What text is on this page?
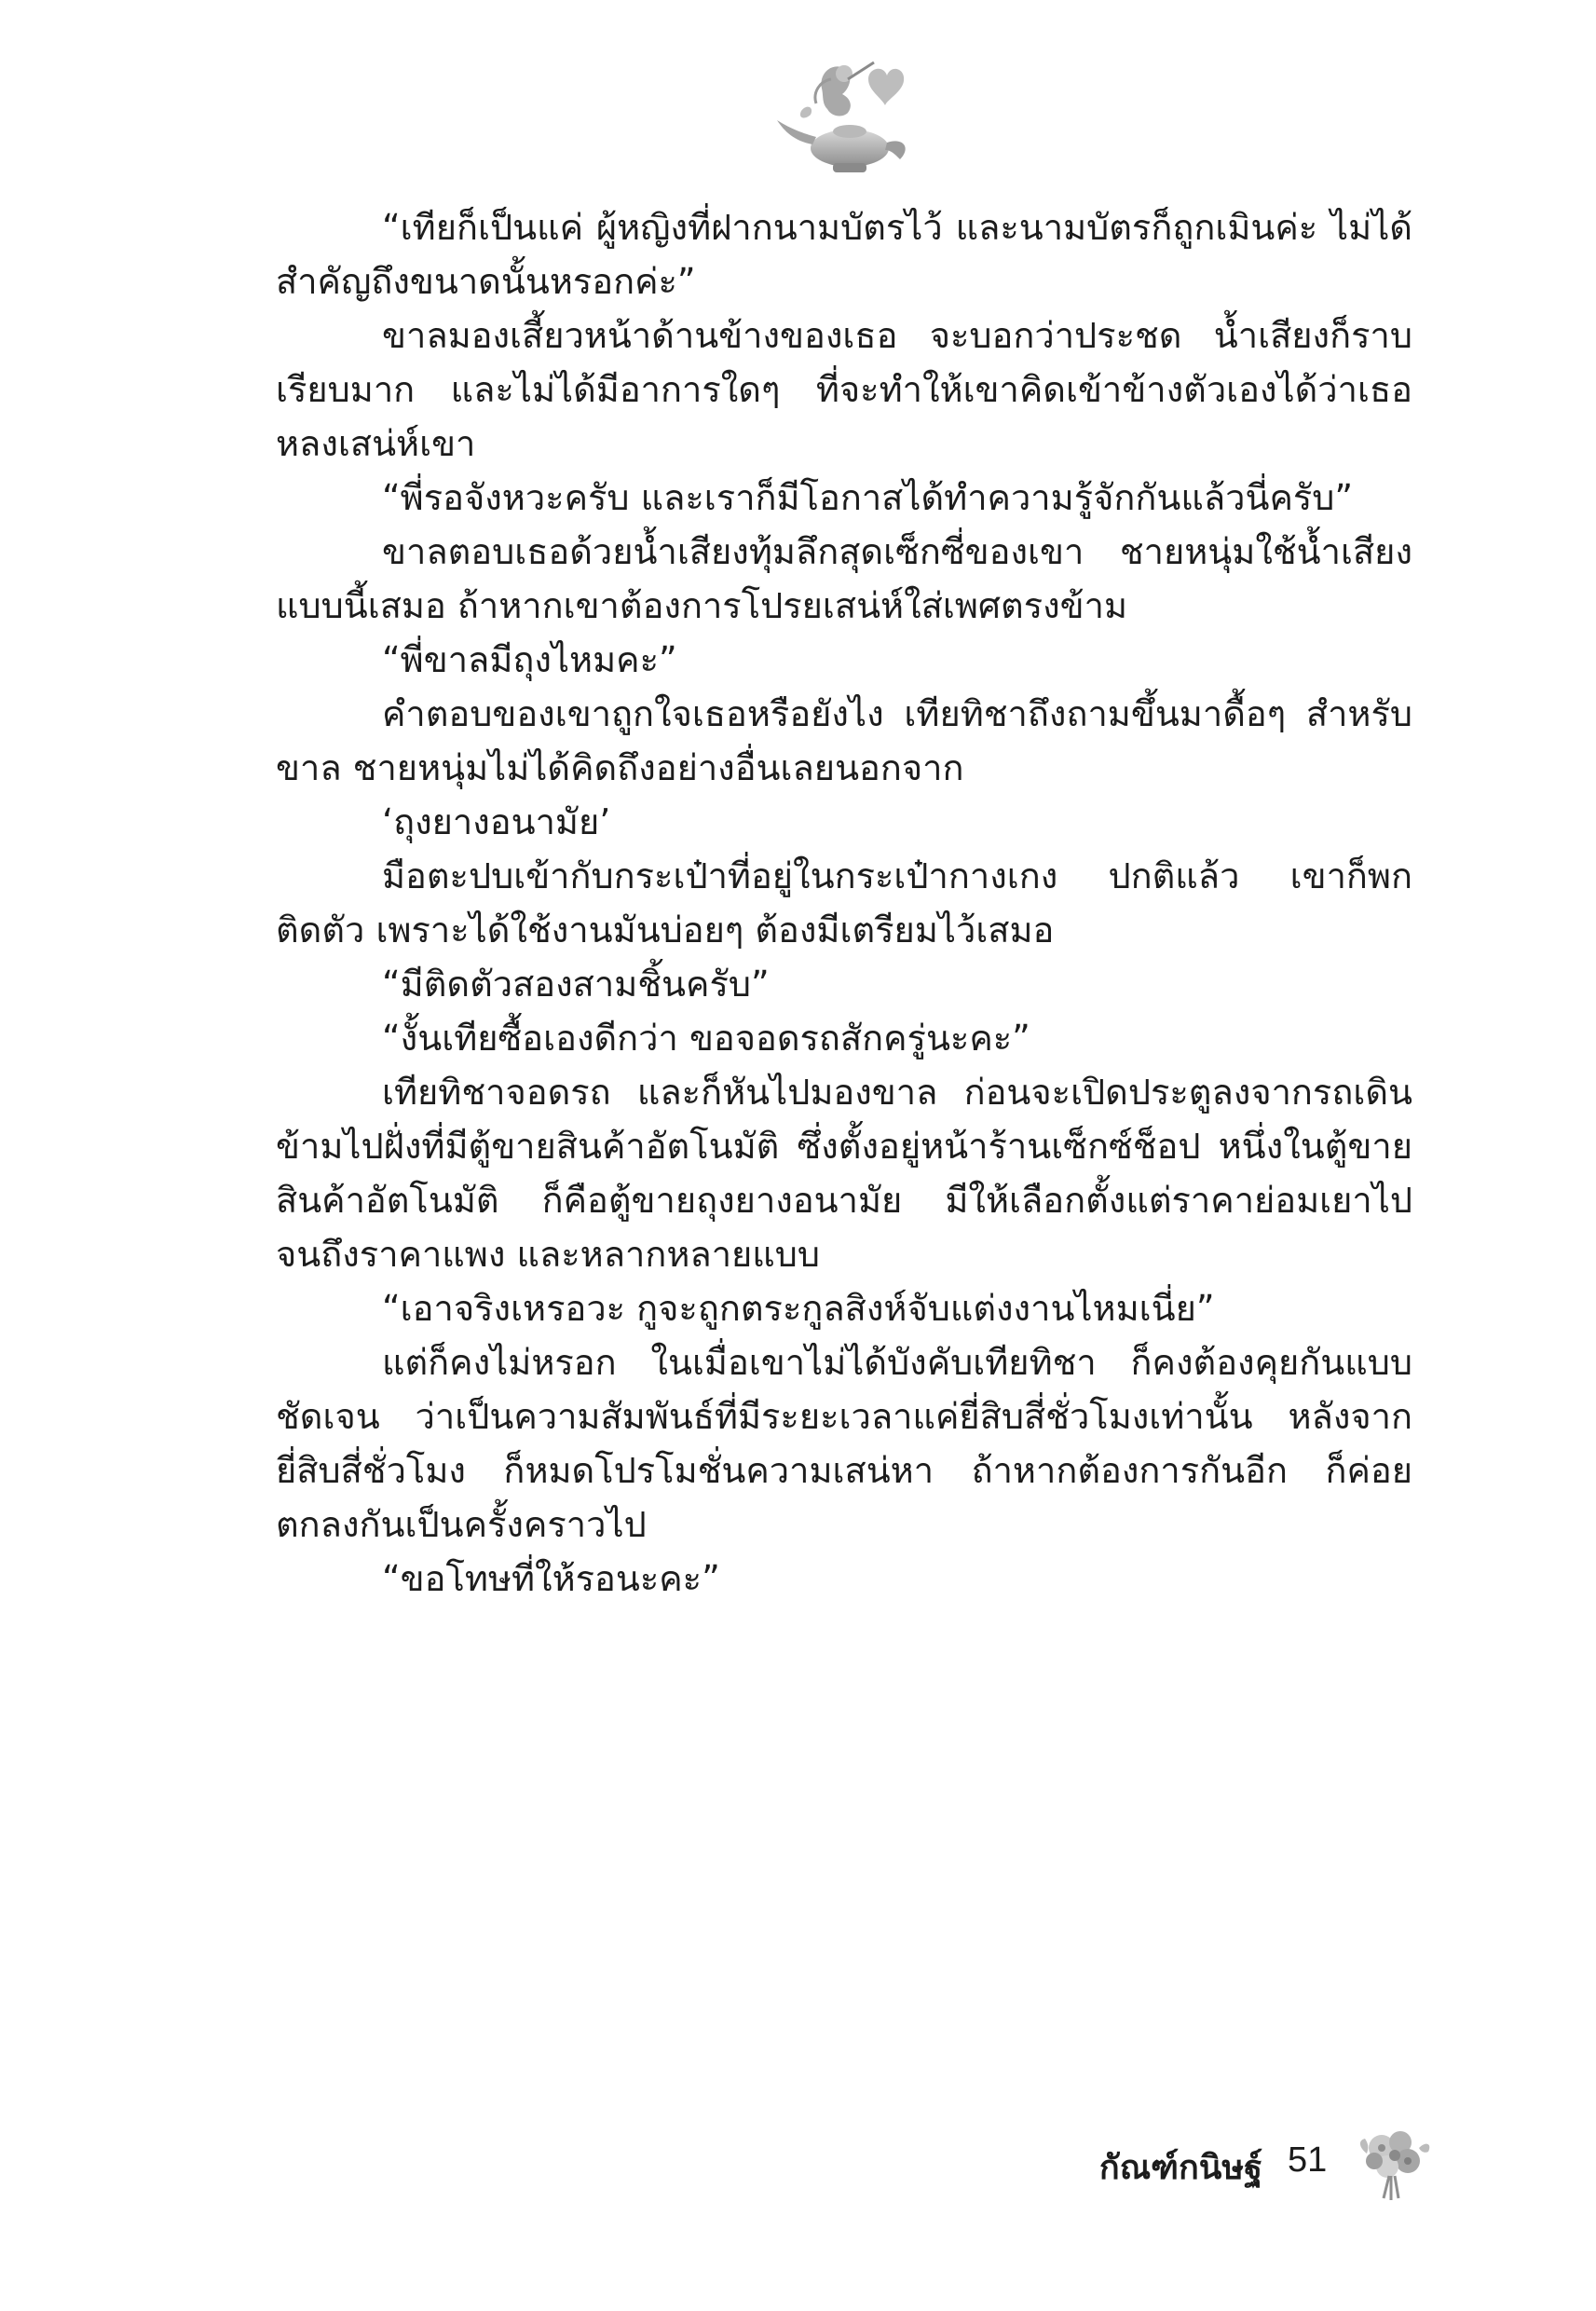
“เทียก็เป็นแค่ ผู้หญิงที่ฝากนามบัตรไว้ และนามบัตรก็ถูกเมินค่ะ ไม่ได้สำคัญถึงขนาดนั้นหรอกค่ะ”

ขาลมองเสี้ยวหน้าด้านข้างของเธอ จะบอกว่าประชด น้ำเสียงก็ราบเรียบมาก และไม่ได้มีอาการใดๆ ที่จะทำให้เขาคิดเข้าข้างตัวเองได้ว่าเธอหลงเสน่ห์เขา

“พี่รอจังหวะครับ และเราก็มีโอกาสได้ทำความรู้จักกันแล้วนี่ครับ”

ขาลตอบเธอด้วยน้ำเสียงทุ้มลึกสุดเซ็กซี่ของเขา ชายหนุ่มใช้น้ำเสียงแบบนี้เสมอ ถ้าหากเขาต้องการโปรยเสน่ห์ใส่เพศตรงข้าม

“พี่ขาลมีถุงไหมคะ”

คำตอบของเขาถูกใจเธอหรือยังไง เทียทิชาถึงถามขึ้นมาดื้อๆ สำหรับขาล ชายหนุ่มไม่ได้คิดถึงอย่างอื่นเลยนอกจาก

‘ถุงยางอนามัย’

มือตะปบเข้ากับกระเป๋าที่อยู่ในกระเป๋ากางเกง ปกติแล้ว เขาก็พกติดตัว เพราะได้ใช้งานมันบ่อยๆ ต้องมีเตรียมไว้เสมอ

“มีติดตัวสองสามชิ้นครับ”

“งั้นเทียซื้อเองดีกว่า ขอจอดรถสักครู่นะคะ”

เทียทิชาจอดรถ และก็หันไปมองขาล ก่อนจะเปิดประตูลงจากรถเดินข้ามไปฝั่งที่มีตู้ขายสินค้าอัตโนมัติ ซึ่งตั้งอยู่หน้าร้านเซ็กซ์ช็อป หนึ่งในตู้ขายสินค้าอัตโนมัติ ก็คือตู้ขายถุงยางอนามัย มีให้เลือกตั้งแต่ราคาย่อมเยาไปจนถึงราคาแพง และหลากหลายแบบ

“เอาจริงเหรอวะ กูจะถูกตระกูลสิงห์จับแต่งงานไหมเนี่ย”

แต่ก็คงไม่หรอก ในเมื่อเขาไม่ได้บังคับเทียทิชา ก็คงต้องคุยกันแบบชัดเจน ว่าเป็นความสัมพันธ์ที่มีระยะเวลาแค่ยี่สิบสี่ชั่วโมงเท่านั้น หลังจากยี่สิบสี่ชั่วโมง ก็หมดโปรโมชั่นความเสน่หา ถ้าหากต้องการกันอีก ก็ค่อยตกลงกันเป็นครั้งคราวไป

“ขอโทษที่ให้รอนะคะ”

กัณฑ์กนิษฐ์ 51
